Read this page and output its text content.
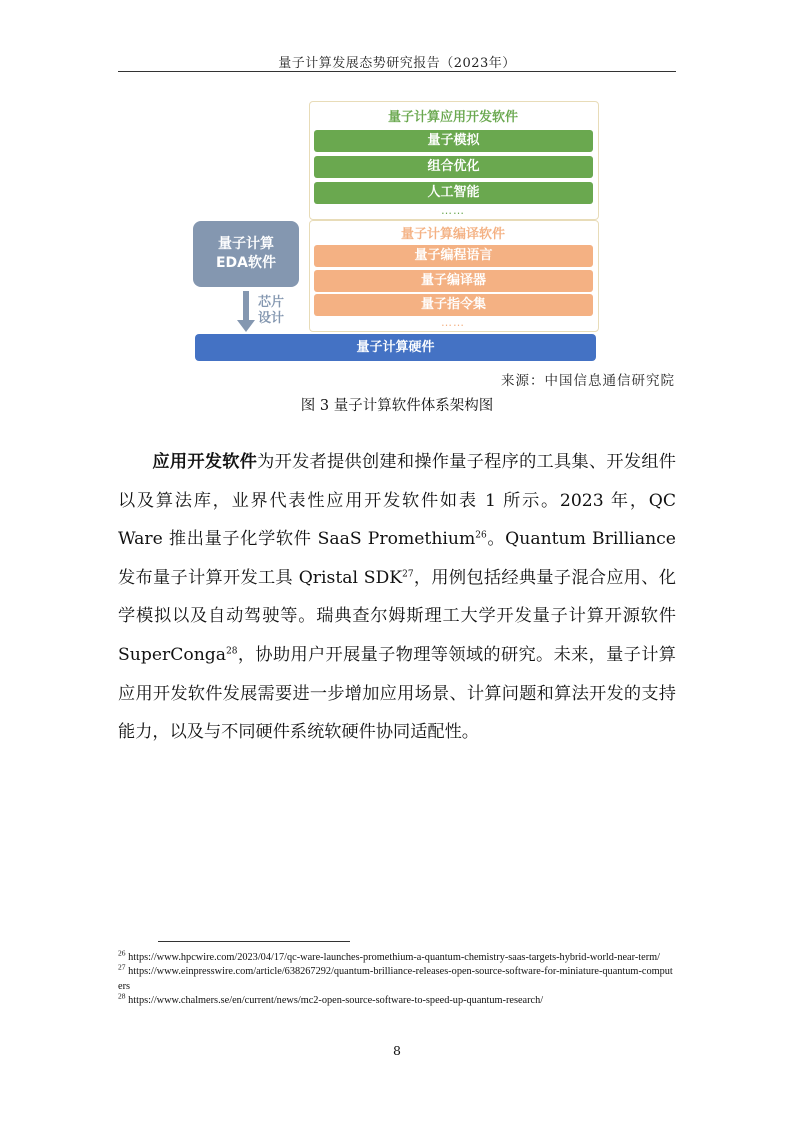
量子计算发展态势研究报告（2023年）
量子计算应用开发软件
量子模拟
组合优化
人工智能
……
量子计算编译软件
量子编程语言
量子编译器
量子指令集
……
量子计算
EDA软件
芯片
设计
量子计算硬件
来源：中国信息通信研究院
图 3 量子计算软件体系架构图

应用开发软件为开发者提供创建和操作量子程序的工具集、开发组件以及算法库，业界代表性应用开发软件如表 1 所示。2023 年，QC Ware 推出量子化学软件 SaaS Promethium$^{26}$。Quantum Brilliance 发布量子计算开发工具 Qristal SDK$^{27}$，用例包括经典量子混合应用、化学模拟以及自动驾驶等。瑞典查尔姆斯理工大学开发量子计算开源软件 SuperConga$^{28}$，协助用户开展量子物理等领域的研究。未来，量子计算应用开发软件发展需要进一步增加应用场景、计算问题和算法开发的支持能力，以及与不同硬件系统软硬件协同适配性。

$^{26}$ https://www.hpcwire.com/2023/04/17/qc-ware-launches-promethium-a-quantum-chemistry-saas-targets-hybrid-world-near-term/
$^{27}$ https://www.einpresswire.com/article/638267292/quantum-brilliance-releases-open-source-software-for-miniature-quantum-computers
$^{28}$ https://www.chalmers.se/en/current/news/mc2-open-source-software-to-speed-up-quantum-research/
8
